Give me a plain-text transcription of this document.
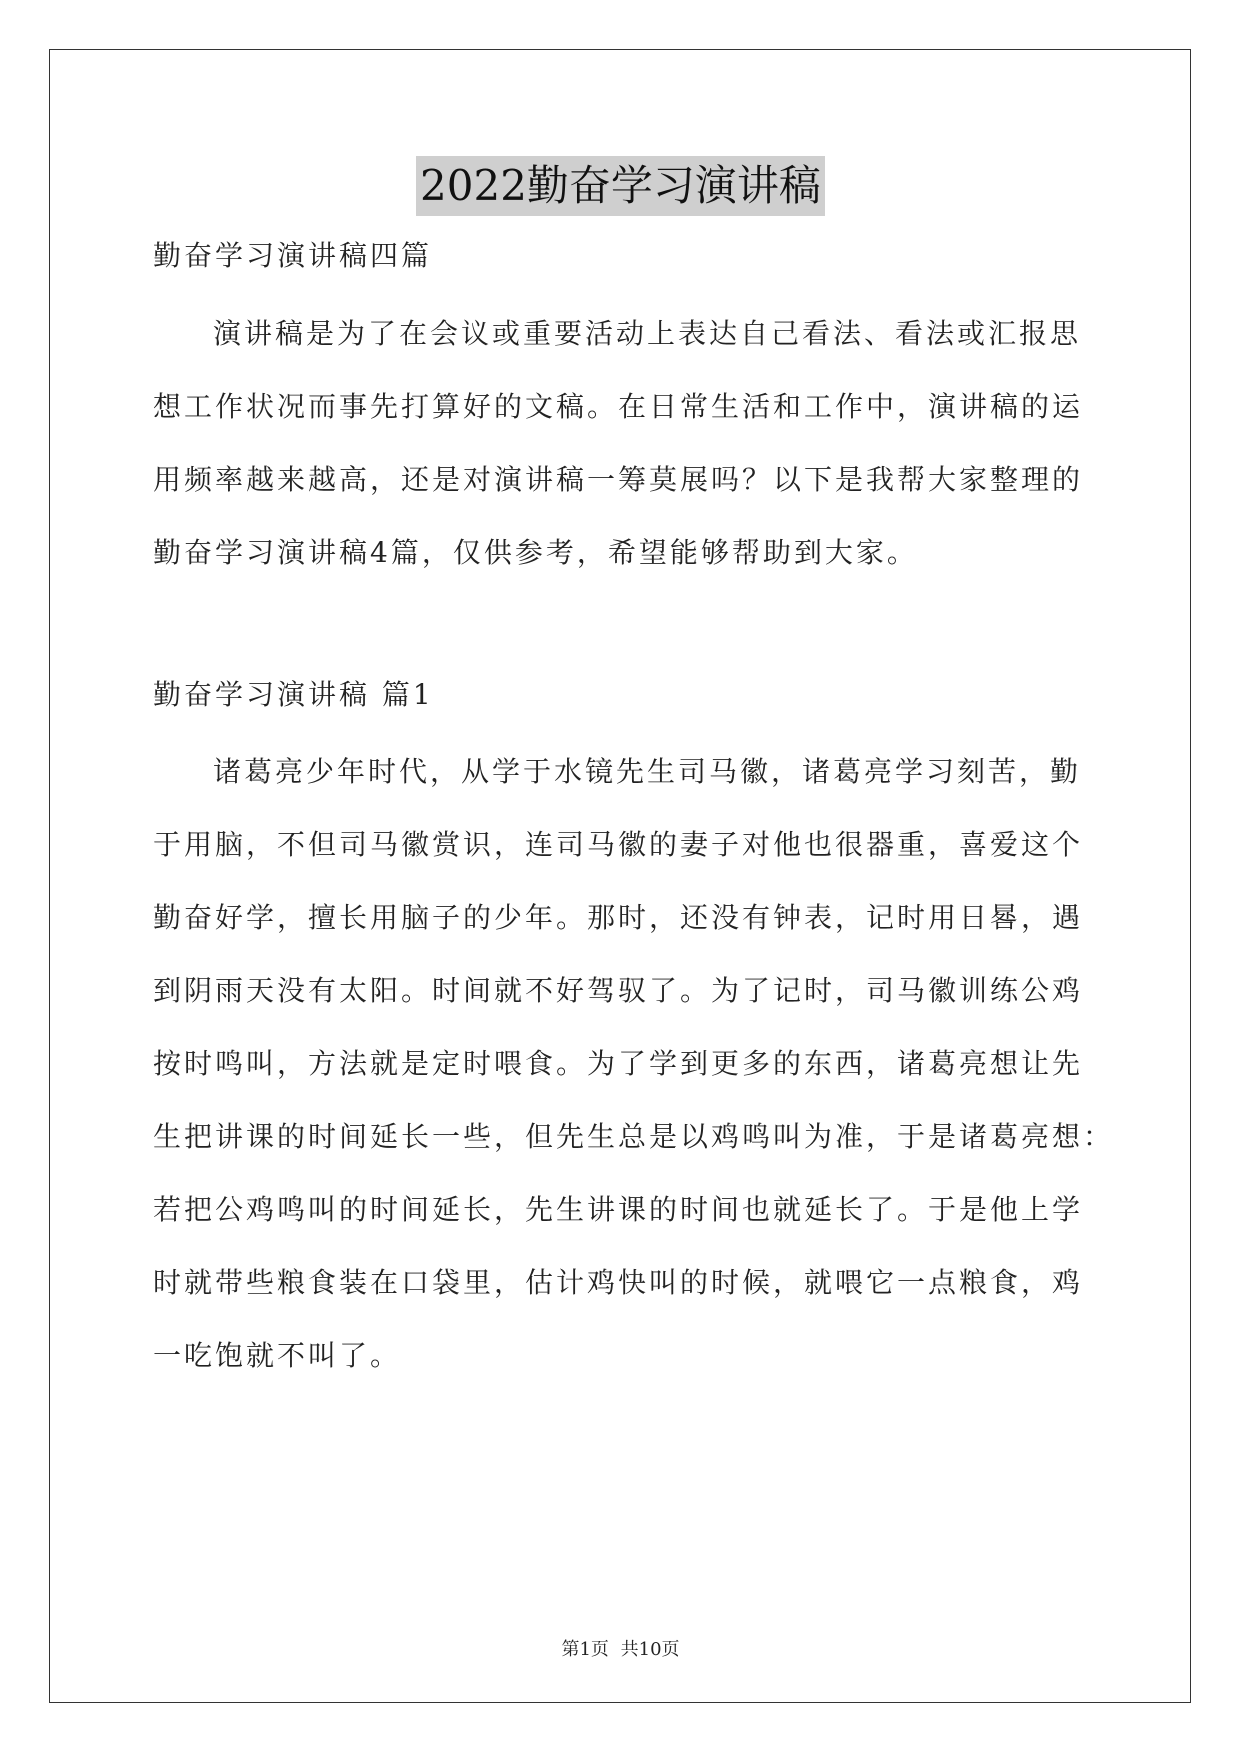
2022勤奋学习演讲稿
勤奋学习演讲稿四篇
演讲稿是为了在会议或重要活动上表达自己看法、看法或汇报思
想工作状况而事先打算好的文稿。在日常生活和工作中，演讲稿的运
用频率越来越高，还是对演讲稿一筹莫展吗？以下是我帮大家整理的
勤奋学习演讲稿4篇，仅供参考，希望能够帮助到大家。
勤奋学习演讲稿 篇1
诸葛亮少年时代，从学于水镜先生司马徽，诸葛亮学习刻苦，勤
于用脑，不但司马徽赏识，连司马徽的妻子对他也很器重，喜爱这个
勤奋好学，擅长用脑子的少年。那时，还没有钟表，记时用日晷，遇
到阴雨天没有太阳。时间就不好驾驭了。为了记时，司马徽训练公鸡
按时鸣叫，方法就是定时喂食。为了学到更多的东西，诸葛亮想让先
生把讲课的时间延长一些，但先生总是以鸡鸣叫为准，于是诸葛亮想：
若把公鸡鸣叫的时间延长，先生讲课的时间也就延长了。于是他上学
时就带些粮食装在口袋里，估计鸡快叫的时候，就喂它一点粮食，鸡
一吃饱就不叫了。
第1页 共10页
